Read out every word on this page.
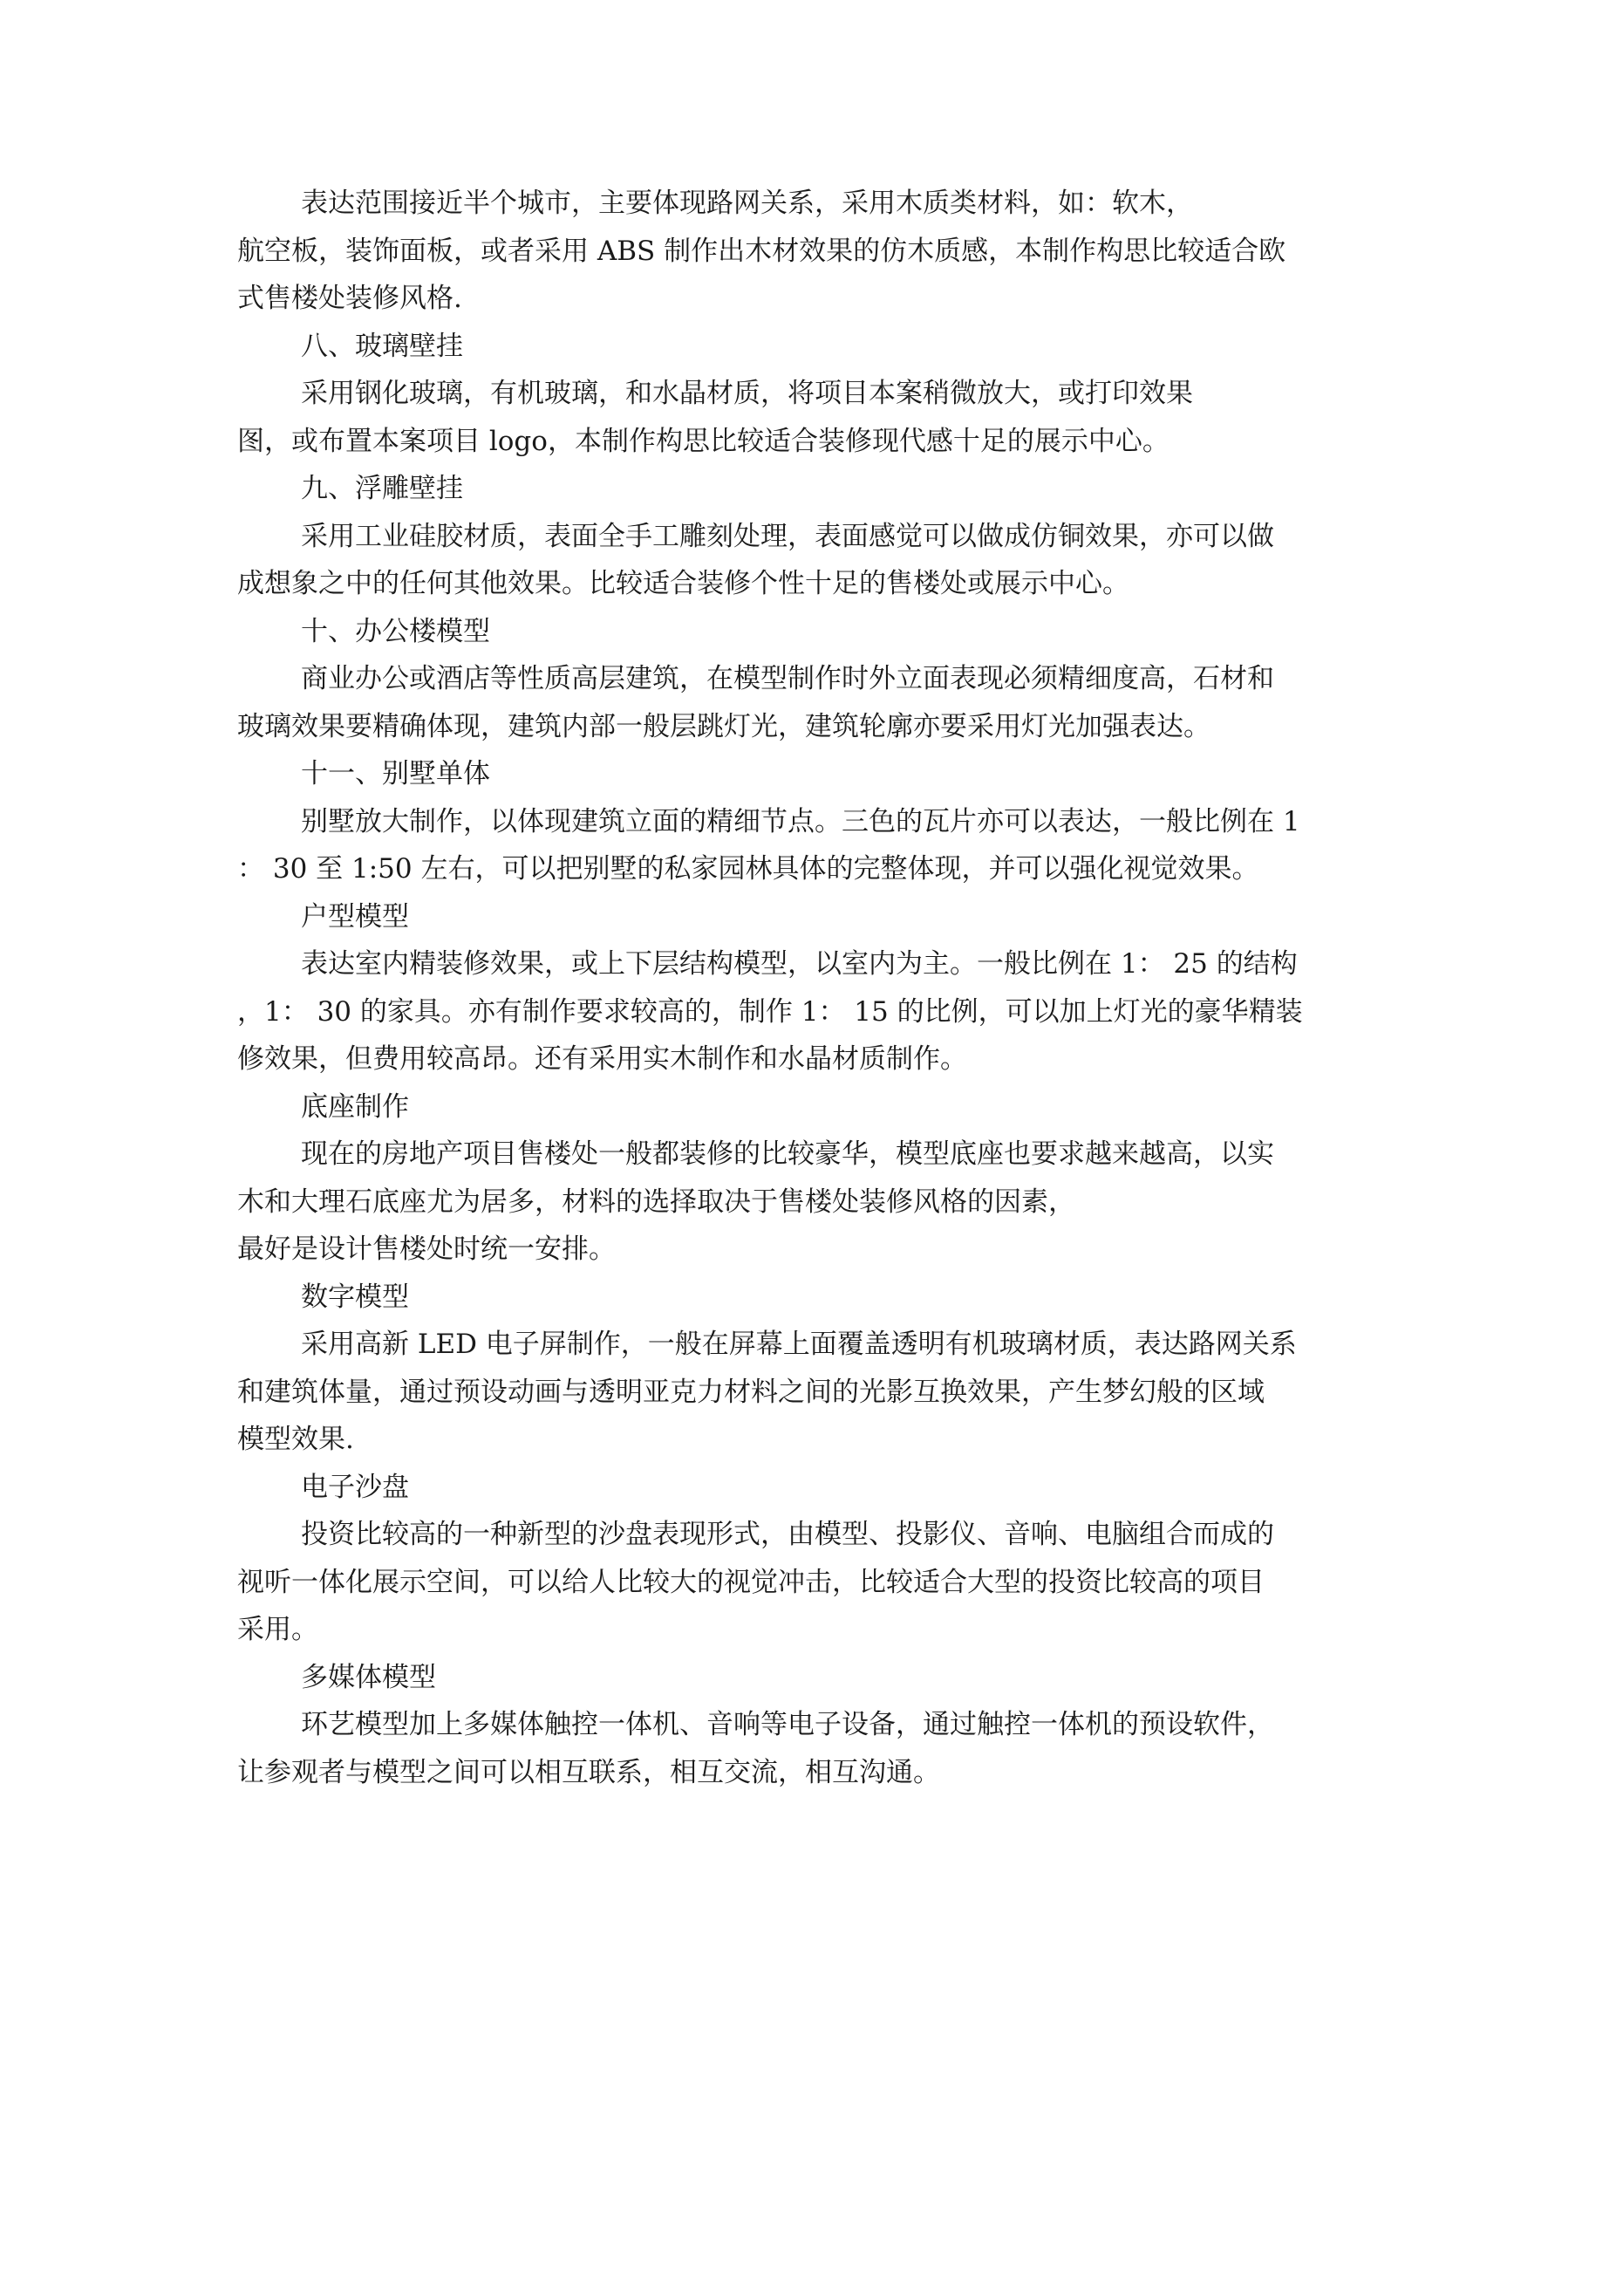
表达范围接近半个城市，主要体现路网关系，采用木质类材料，如：软木，
航空板，装饰面板，或者采用 ABS 制作出木材效果的仿木质感，本制作构思比较适合欧
式售楼处装修风格.
八、玻璃壁挂
采用钢化玻璃，有机玻璃，和水晶材质，将项目本案稍微放大，或打印效果
图，或布置本案项目 logo，本制作构思比较适合装修现代感十足的展示中心。
九、浮雕壁挂
采用工业硅胶材质，表面全手工雕刻处理，表面感觉可以做成仿铜效果，亦可以做
成想象之中的任何其他效果。比较适合装修个性十足的售楼处或展示中心。
十、办公楼模型
商业办公或酒店等性质高层建筑，在模型制作时外立面表现必须精细度高，石材和
玻璃效果要精确体现，建筑内部一般层跳灯光，建筑轮廓亦要采用灯光加强表达。
十一、别墅单体
别墅放大制作，以体现建筑立面的精细节点。三色的瓦片亦可以表达，一般比例在 1
： 30 至 1:50 左右，可以把别墅的私家园林具体的完整体现，并可以强化视觉效果。
户型模型
表达室内精装修效果，或上下层结构模型，以室内为主。一般比例在 1： 25 的结构
，1： 30 的家具。亦有制作要求较高的，制作 1： 15 的比例，可以加上灯光的豪华精装
修效果，但费用较高昂。还有采用实木制作和水晶材质制作。
底座制作
现在的房地产项目售楼处一般都装修的比较豪华，模型底座也要求越来越高，以实
木和大理石底座尤为居多，材料的选择取决于售楼处装修风格的因素，
最好是设计售楼处时统一安排。
数字模型
采用高新 LED 电子屏制作，一般在屏幕上面覆盖透明有机玻璃材质，表达路网关系
和建筑体量，通过预设动画与透明亚克力材料之间的光影互换效果，产生梦幻般的区域
模型效果.
电子沙盘
投资比较高的一种新型的沙盘表现形式，由模型、投影仪、音响、电脑组合而成的
视听一体化展示空间，可以给人比较大的视觉冲击，比较适合大型的投资比较高的项目
采用。
多媒体模型
环艺模型加上多媒体触控一体机、音响等电子设备，通过触控一体机的预设软件，
让参观者与模型之间可以相互联系，相互交流，相互沟通。
